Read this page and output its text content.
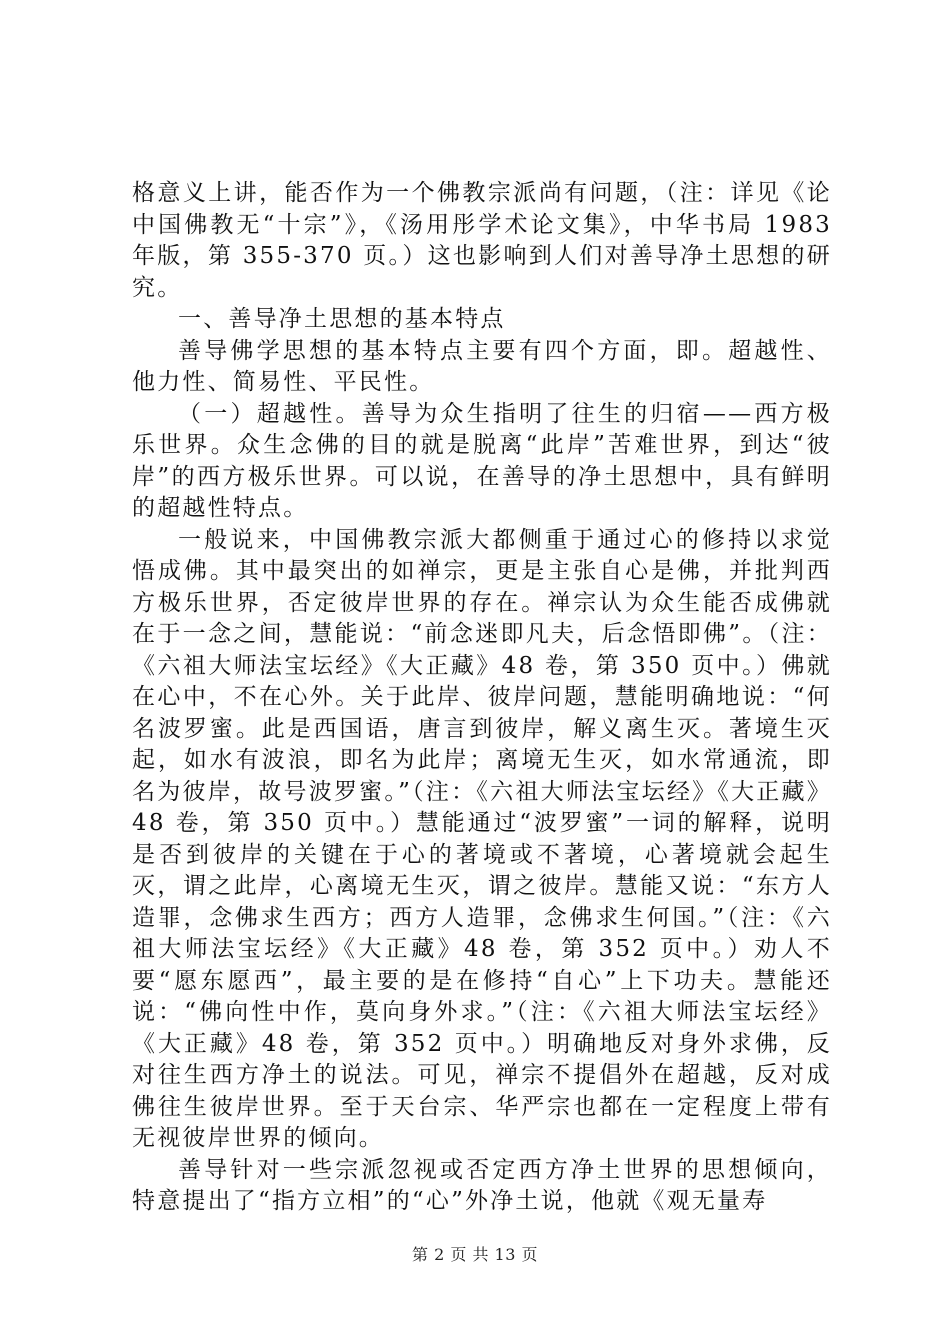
格意义上讲，能否作为一个佛教宗派尚有问题，（注：详见《论中国佛教无“十宗”》，《汤用彤学术论文集》，中华书局 1983 年版，第 355-370 页。）这也影响到人们对善导净土思想的研究。

一、善导净土思想的基本特点

善导佛学思想的基本特点主要有四个方面，即。超越性、他力性、简易性、平民性。

（一）超越性。善导为众生指明了往生的归宿——西方极乐世界。众生念佛的目的就是脱离“此岸”苦难世界，到达“彼岸”的西方极乐世界。可以说，在善导的净土思想中，具有鲜明的超越性特点。

一般说来，中国佛教宗派大都侧重于通过心的修持以求觉悟成佛。其中最突出的如禅宗，更是主张自心是佛，并批判西方极乐世界，否定彼岸世界的存在。禅宗认为众生能否成佛就在于一念之间，慧能说：“前念迷即凡夫，后念悟即佛”。（注：《六祖大师法宝坛经》《大正藏》48 卷，第 350 页中。）佛就在心中，不在心外。关于此岸、彼岸问题，慧能明确地说：“何名波罗蜜。此是西国语，唐言到彼岸，解义离生灭。著境生灭起，如水有波浪，即名为此岸；离境无生灭，如水常通流，即名为彼岸，故号波罗蜜。”（注：《六祖大师法宝坛经》《大正藏》48 卷，第 350 页中。）慧能通过“波罗蜜”一词的解释，说明是否到彼岸的关键在于心的著境或不著境，心著境就会起生灭，谓之此岸，心离境无生灭，谓之彼岸。慧能又说：“东方人造罪，念佛求生西方；西方人造罪，念佛求生何国。”（注：《六祖大师法宝坛经》《大正藏》48 卷，第 352 页中。）劝人不要“愿东愿西”，最主要的是在修持“自心”上下功夫。慧能还说：“佛向性中作，莫向身外求。”（注：《六祖大师法宝坛经》《大正藏》48 卷，第 352 页中。）明确地反对身外求佛，反对往生西方净土的说法。可见，禅宗不提倡外在超越，反对成佛往生彼岸世界。至于天台宗、华严宗也都在一定程度上带有无视彼岸世界的倾向。

善导针对一些宗派忽视或否定西方净土世界的思想倾向，特意提出了“指方立相”的“心”外净土说，他就《观无量寿

第 2 页 共 13 页
